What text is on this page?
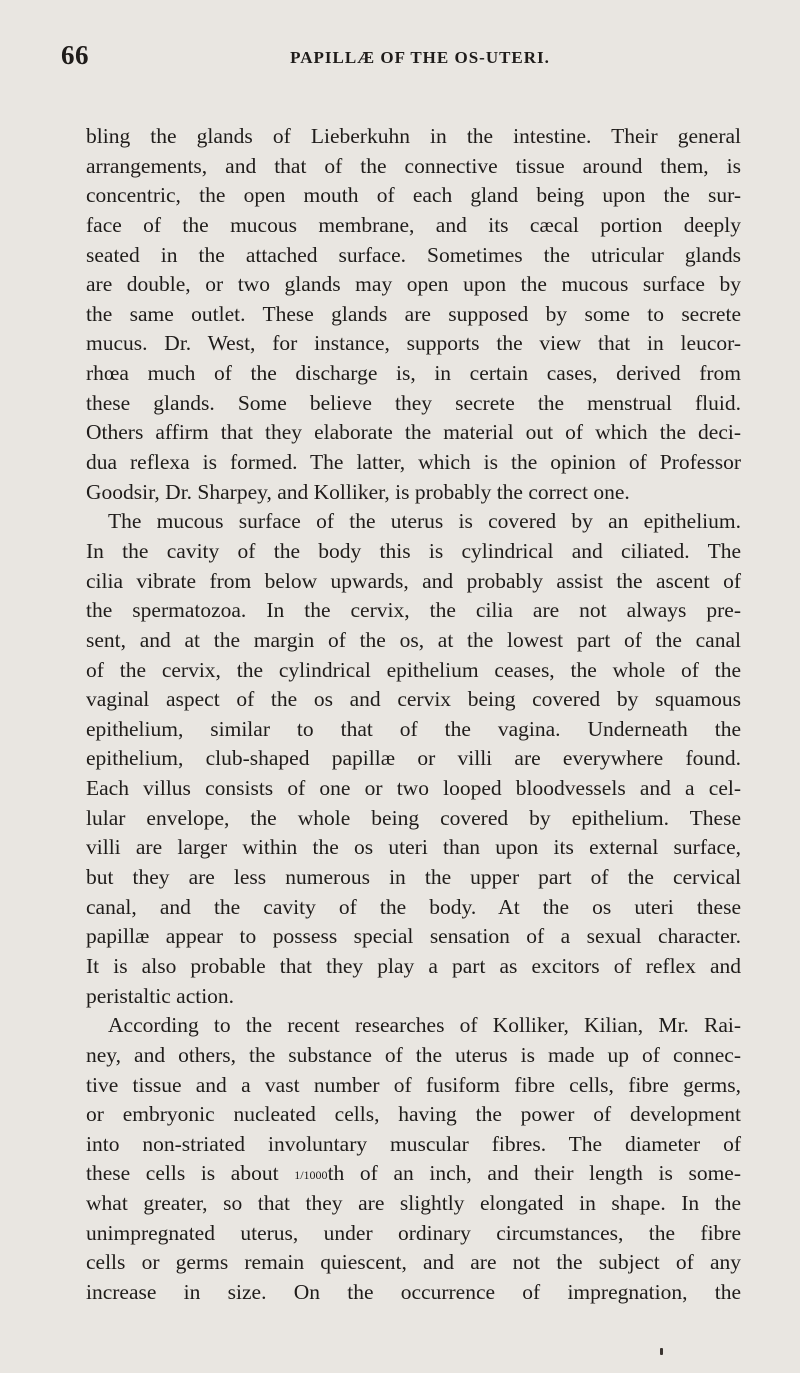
66	PAPILLÆ OF THE OS-UTERI.
bling the glands of Lieberkuhn in the intestine. Their general
arrangements, and that of the connective tissue around them, is
concentric, the open mouth of each gland being upon the sur-
face of the mucous membrane, and its cæcal portion deeply
seated in the attached surface. Sometimes the utricular glands
are double, or two glands may open upon the mucous surface by
the same outlet. These glands are supposed by some to secrete
mucus. Dr. West, for instance, supports the view that in leucor-
rhœa much of the discharge is, in certain cases, derived from
these glands. Some believe they secrete the menstrual fluid.
Others affirm that they elaborate the material out of which the deci-
dua reflexa is formed. The latter, which is the opinion of Professor
Goodsir, Dr. Sharpey, and Kolliker, is probably the correct one.
The mucous surface of the uterus is covered by an epithelium.
In the cavity of the body this is cylindrical and ciliated. The
cilia vibrate from below upwards, and probably assist the ascent of
the spermatozoa. In the cervix, the cilia are not always pre-
sent, and at the margin of the os, at the lowest part of the canal
of the cervix, the cylindrical epithelium ceases, the whole of the
vaginal aspect of the os and cervix being covered by squamous
epithelium, similar to that of the vagina. Underneath the
epithelium, club-shaped papillæ or villi are everywhere found.
Each villus consists of one or two looped bloodvessels and a cel-
lular envelope, the whole being covered by epithelium. These
villi are larger within the os uteri than upon its external surface,
but they are less numerous in the upper part of the cervical
canal, and the cavity of the body. At the os uteri these
papillæ appear to possess special sensation of a sexual character.
It is also probable that they play a part as excitors of reflex and
peristaltic action.
According to the recent researches of Kolliker, Kilian, Mr. Rai-
ney, and others, the substance of the uterus is made up of connec-
tive tissue and a vast number of fusiform fibre cells, fibre germs,
or embryonic nucleated cells, having the power of development
into non-striated involuntary muscular fibres. The diameter of
these cells is about 1/1000th of an inch, and their length is some-
what greater, so that they are slightly elongated in shape. In the
unimpregnated uterus, under ordinary circumstances, the fibre
cells or germs remain quiescent, and are not the subject of any
increase in size. On the occurrence of impregnation, the
